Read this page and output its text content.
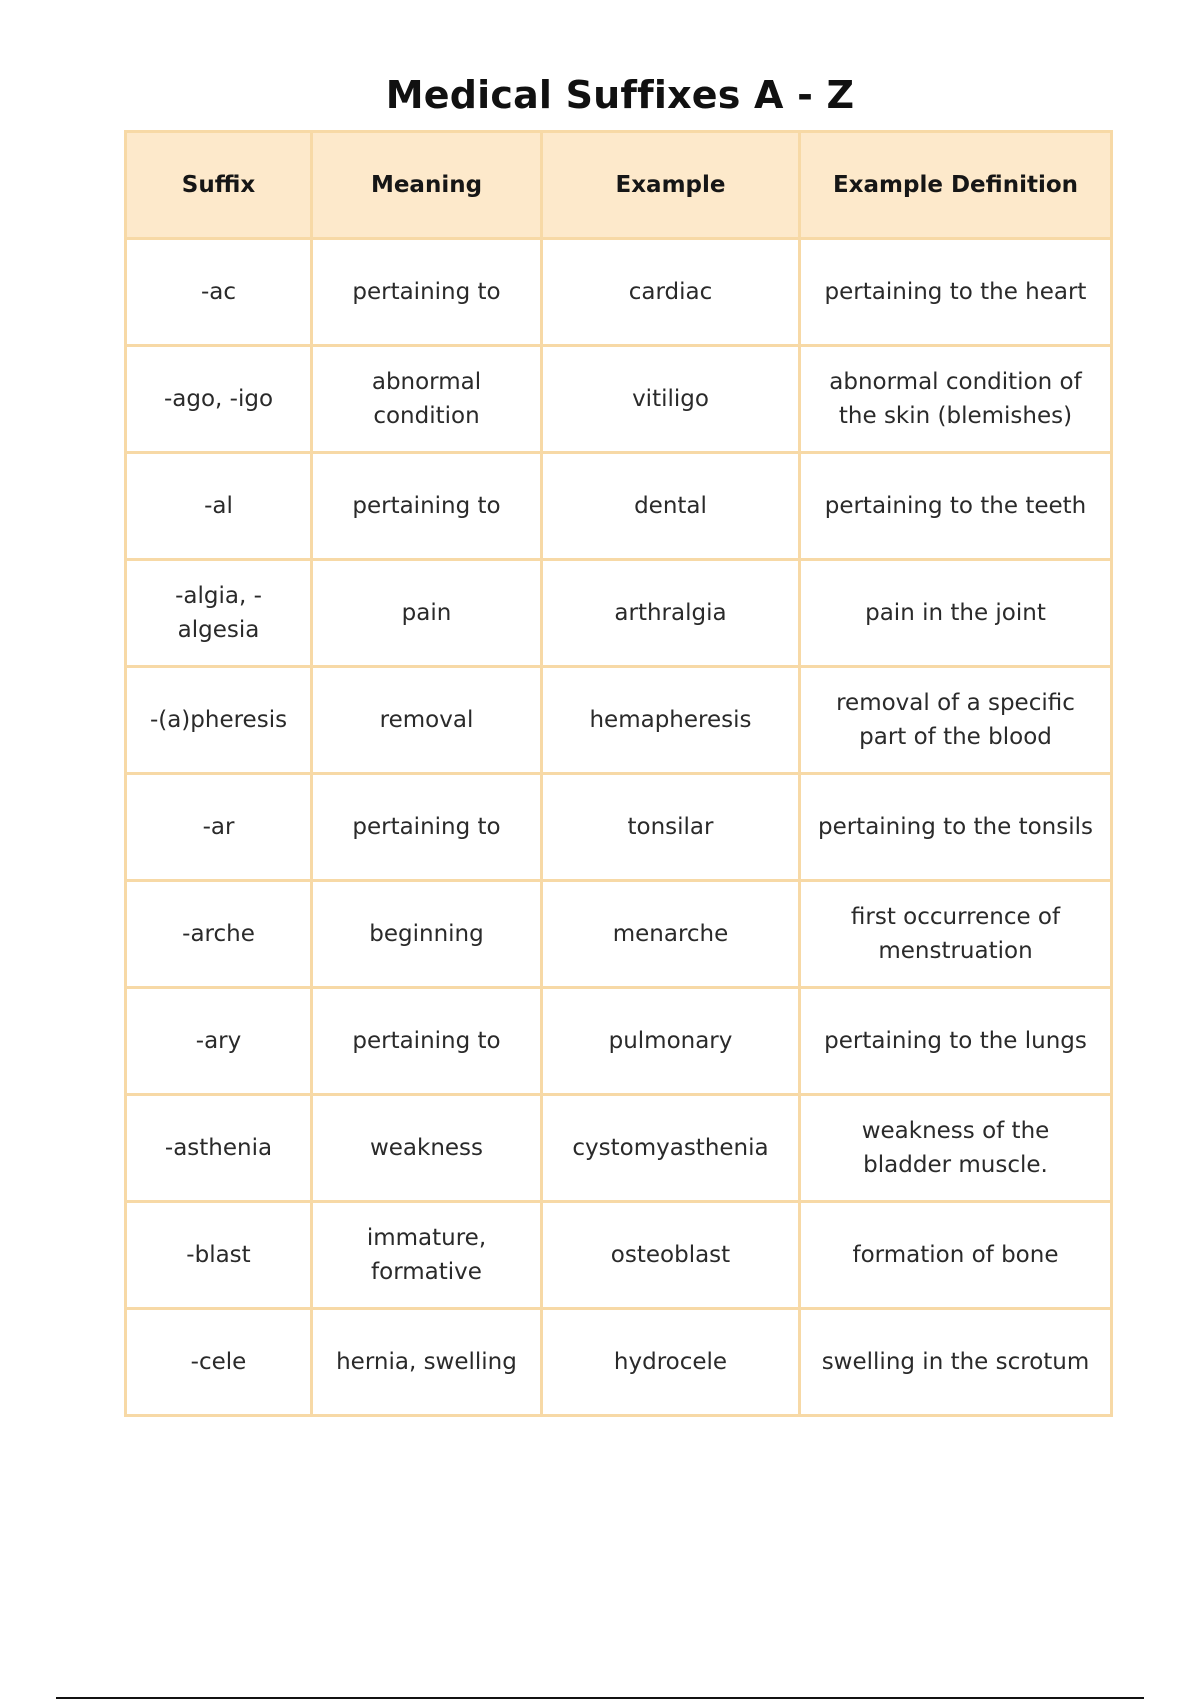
Medical Suffixes A - Z
Suffix	Meaning	Example	Example Definition
-ac	pertaining to	cardiac	pertaining to the heart
-ago, -igo	abnormal condition	vitiligo	abnormal condition of the skin (blemishes)
-al	pertaining to	dental	pertaining to the teeth
-algia, -algesia	pain	arthralgia	pain in the joint
-(a)pheresis	removal	hemapheresis	removal of a specific part of the blood
-ar	pertaining to	tonsilar	pertaining to the tonsils
-arche	beginning	menarche	first occurrence of menstruation
-ary	pertaining to	pulmonary	pertaining to the lungs
-asthenia	weakness	cystomyasthenia	weakness of the bladder muscle.
-blast	immature, formative	osteoblast	formation of bone
-cele	hernia, swelling	hydrocele	swelling in the scrotum
